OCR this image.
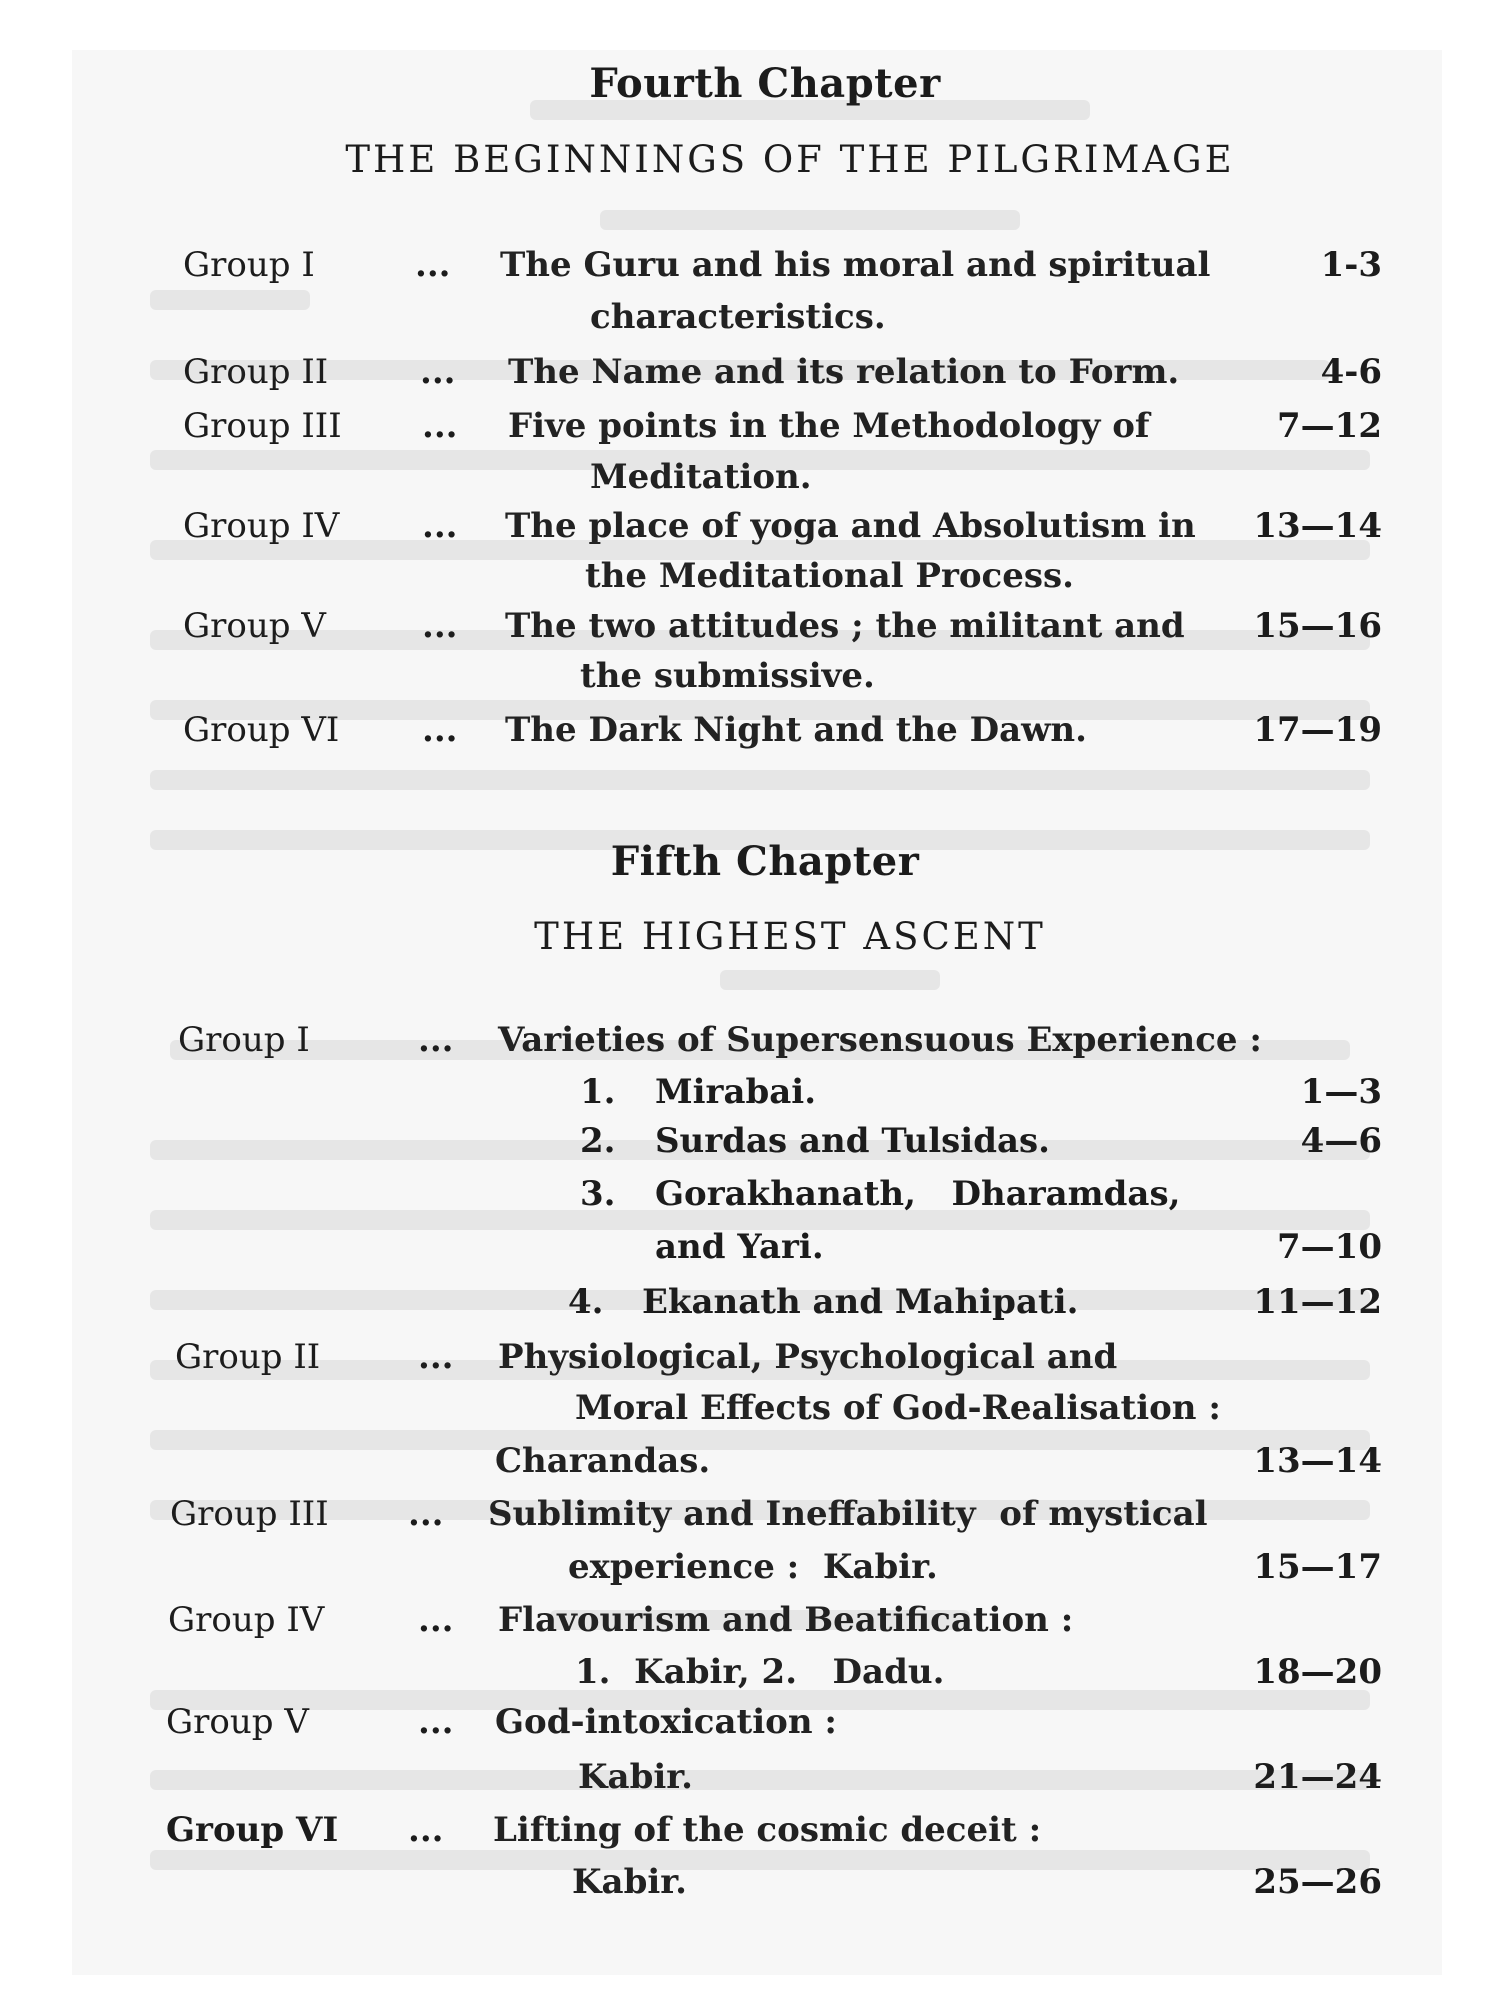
Fourth Chapter
THE BEGINNINGS OF THE PILGRIMAGE
Group I	... The Guru and his moral and spiritual	1-3
characteristics.
Group II	... The Name and its relation to Form.	4-6
Group III ... Five points in the Methodology of	7—12
Meditation.
Group IV ... The place of yoga and Absolutism in 13—14
the Meditational Process.
Group V	... The two attitudes ; the militant and 15—16
the submissive.
Group VI ... The Dark Night and the Dawn.	17—19
Fifth Chapter
THE HIGHEST ASCENT
Group I	... Varieties of Supersensuous Experience :
1. Mirabai.	1—3
2. Surdas and Tulsidas.	4—6
3. Gorakhanath,   Dharamdas,
and Yari.	7—10
4. Ekanath and Mahipati.	11—12
Group II	... Physiological, Psychological and
Moral Effects of God-Realisation :
Charandas.	13—14
Group III ... Sublimity and Ineffability  of mystical
experience :  Kabir.	15—17
Group IV	... Flavourism and Beatification :
1.  Kabir, 2.   Dadu.	18—20
Group V	... God-intoxication :
Kabir.	21—24
Group VI ... Lifting of the cosmic deceit :
Kabir.	25—26
